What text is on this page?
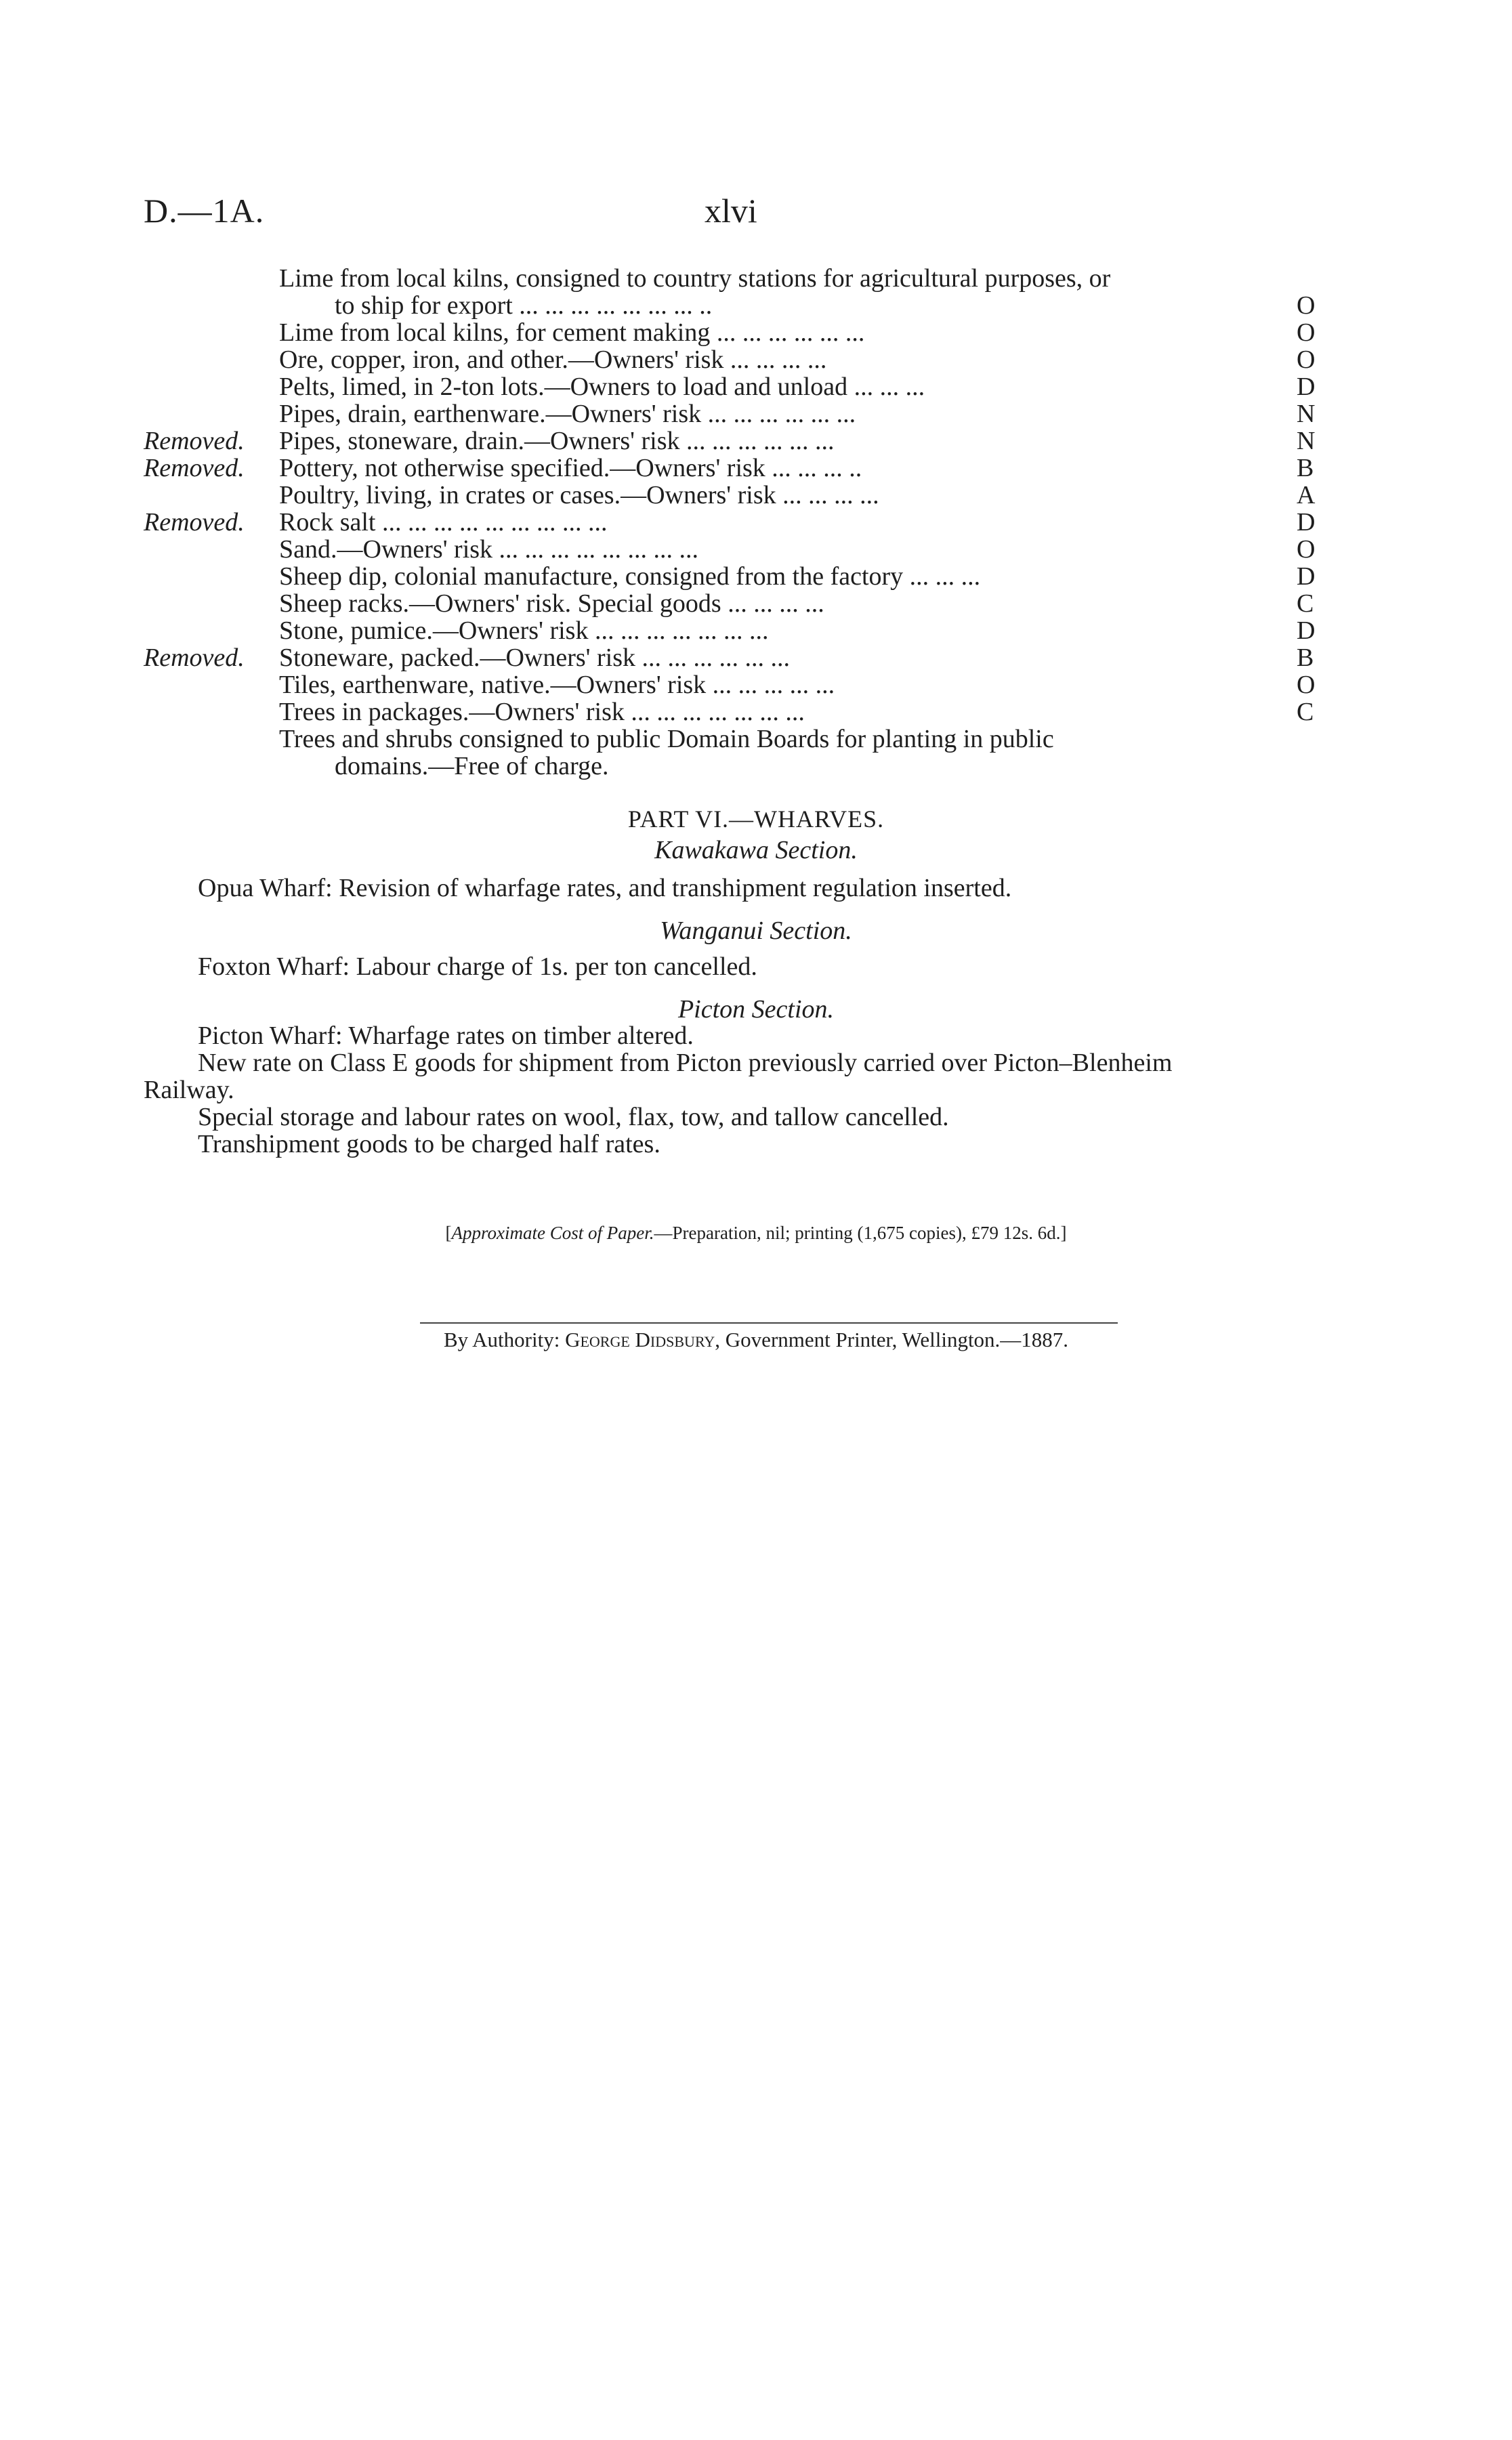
D.—1A.	xlvi
Lime from local kilns, consigned to country stations for agricultural purposes, or
to ship for export ... ... ... ... ... ... ... ..	O
Lime from local kilns, for cement making ... ... ... ... ... ...	O
Ore, copper, iron, and other.—Owners' risk ... ... ... ...	O
Pelts, limed, in 2-ton lots.—Owners to load and unload ... ... ...	D
Pipes, drain, earthenware.—Owners' risk ... ... ... ... ... ...	N
Removed. Pipes, stoneware, drain.—Owners' risk ... ... ... ... ... ...	N
Removed. Pottery, not otherwise specified.—Owners' risk ... ... ... ..	B
Poultry, living, in crates or cases.—Owners' risk ... ... ... ...	A
Removed. Rock salt ... ... ... ... ... ... ... ... ...	D
Sand.—Owners' risk ... ... ... ... ... ... ... ...	O
Sheep dip, colonial manufacture, consigned from the factory ... ... ...	D
Sheep racks.—Owners' risk. Special goods ... ... ... ...	C
Stone, pumice.—Owners' risk ... ... ... ... ... ... ...	D
Removed. Stoneware, packed.—Owners' risk ... ... ... ... ... ...	B
Tiles, earthenware, native.—Owners' risk ... ... ... ... ...	O
Trees in packages.—Owners' risk ... ... ... ... ... ... ...	C
Trees and shrubs consigned to public Domain Boards for planting in public
domains.—Free of charge.
PART VI.—WHARVES.
Kawakawa Section.
Opua Wharf: Revision of wharfage rates, and transhipment regulation inserted.
Wanganui Section.
Foxton Wharf: Labour charge of 1s. per ton cancelled.
Picton Section.
Picton Wharf: Wharfage rates on timber altered.
New rate on Class E goods for shipment from Picton previously carried over Picton–Blenheim
Railway.
Special storage and labour rates on wool, flax, tow, and tallow cancelled.
Transhipment goods to be charged half rates.
[Approximate Cost of Paper.—Preparation, nil; printing (1,675 copies), £79 12s. 6d.]
By Authority: George Didsbury, Government Printer, Wellington.—1887.
